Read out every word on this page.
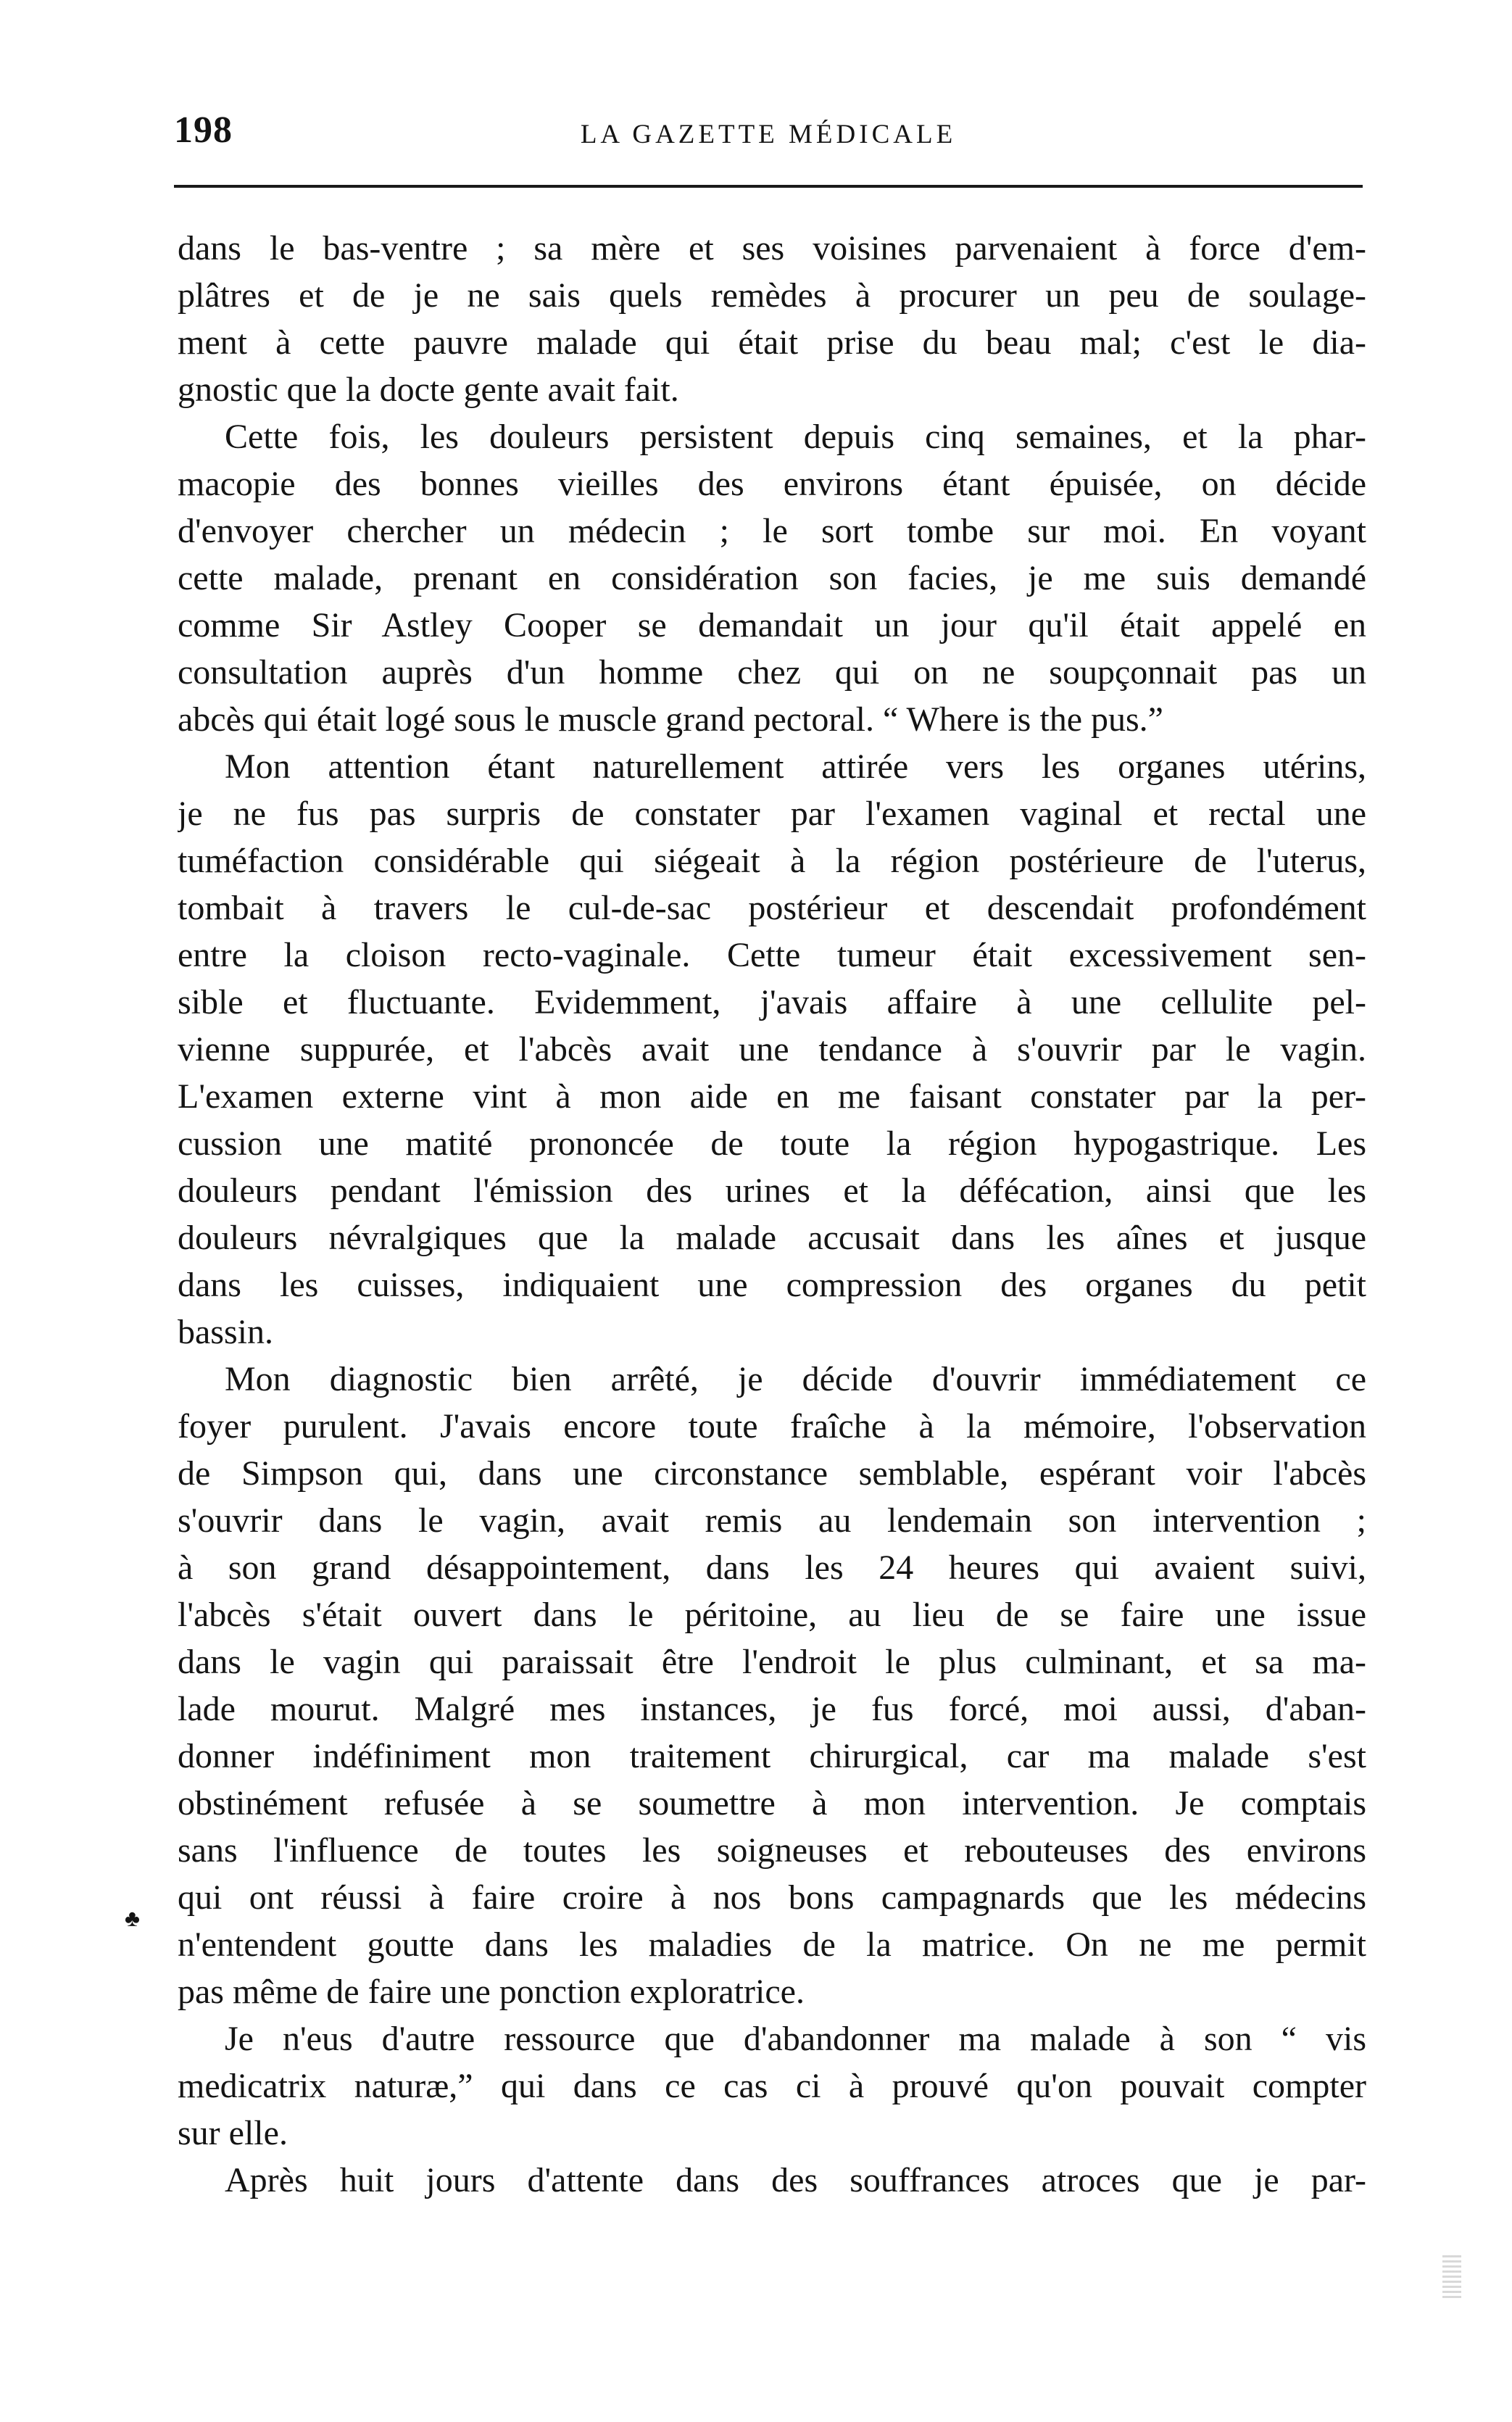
198	LA GAZETTE MÉDICALE
dans le bas-ventre ; sa mère et ses voisines parvenaient à force d'em-
plâtres et de je ne sais quels remèdes à procurer un peu de soulage-
ment à cette pauvre malade qui était prise du beau mal; c'est le dia-
gnostic que la docte gente avait fait.
Cette fois, les douleurs persistent depuis cinq semaines, et la phar-
macopie des bonnes vieilles des environs étant épuisée, on décide
d'envoyer chercher un médecin ; le sort tombe sur moi. En voyant
cette malade, prenant en considération son facies, je me suis demandé
comme Sir Astley Cooper se demandait un jour qu'il était appelé en
consultation auprès d'un homme chez qui on ne soupçonnait pas un
abcès qui était logé sous le muscle grand pectoral. “ Where is the pus.”
Mon attention étant naturellement attirée vers les organes utérins,
je ne fus pas surpris de constater par l'examen vaginal et rectal une
tuméfaction considérable qui siégeait à la région postérieure de l'uterus,
tombait à travers le cul-de-sac postérieur et descendait profondément
entre la cloison recto-vaginale. Cette tumeur était excessivement sen-
sible et fluctuante. Evidemment, j'avais affaire à une cellulite pel-
vienne suppurée, et l'abcès avait une tendance à s'ouvrir par le vagin.
L'examen externe vint à mon aide en me faisant constater par la per-
cussion une matité prononcée de toute la région hypogastrique. Les
douleurs pendant l'émission des urines et la défécation, ainsi que les
douleurs névralgiques que la malade accusait dans les aînes et jusque
dans les cuisses, indiquaient une compression des organes du petit
bassin.
Mon diagnostic bien arrêté, je décide d'ouvrir immédiatement ce
foyer purulent. J'avais encore toute fraîche à la mémoire, l'observation
de Simpson qui, dans une circonstance semblable, espérant voir l'abcès
s'ouvrir dans le vagin, avait remis au lendemain son intervention ;
à son grand désappointement, dans les 24 heures qui avaient suivi,
l'abcès s'était ouvert dans le péritoine, au lieu de se faire une issue
dans le vagin qui paraissait être l'endroit le plus culminant, et sa ma-
lade mourut. Malgré mes instances, je fus forcé, moi aussi, d'aban-
donner indéfiniment mon traitement chirurgical, car ma malade s'est
obstinément refusée à se soumettre à mon intervention. Je comptais
sans l'influence de toutes les soigneuses et rebouteuses des environs
qui ont réussi à faire croire à nos bons campagnards que les médecins
n'entendent goutte dans les maladies de la matrice. On ne me permit
pas même de faire une ponction exploratrice.
Je n'eus d'autre ressource que d'abandonner ma malade à son “ vis
medicatrix naturæ,” qui dans ce cas ci à prouvé qu'on pouvait compter
sur elle.
Après huit jours d'attente dans des souffrances atroces que je par-
♣
